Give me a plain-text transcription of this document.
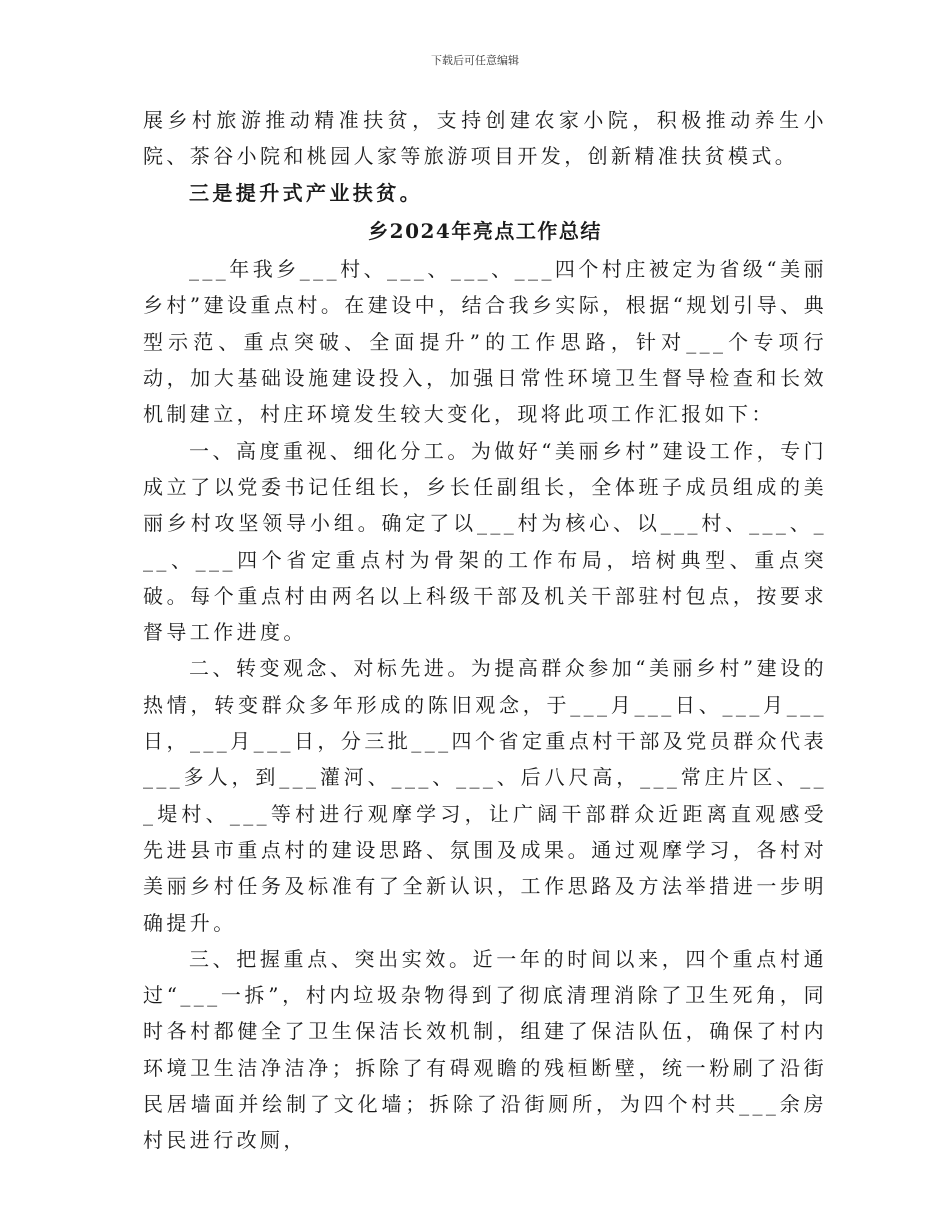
下载后可任意编辑

展乡村旅游推动精准扶贫，支持创建农家小院，积极推动养生小院、茶谷小院和桃园人家等旅游项目开发，创新精准扶贫模式。

三是提升式产业扶贫。

乡2024年亮点工作总结

___年我乡___村、___、___、___四个村庄被定为省级“美丽乡村”建设重点村。在建设中，结合我乡实际，根据“规划引导、典型示范、重点突破、全面提升”的工作思路，针对___个专项行动，加大基础设施建设投入，加强日常性环境卫生督导检查和长效机制建立，村庄环境发生较大变化，现将此项工作汇报如下：

一、高度重视、细化分工。为做好“美丽乡村”建设工作，专门成立了以党委书记任组长，乡长任副组长，全体班子成员组成的美丽乡村攻坚领导小组。确定了以___村为核心、以___村、___、___、___四个省定重点村为骨架的工作布局，培树典型、重点突破。每个重点村由两名以上科级干部及机关干部驻村包点，按要求督导工作进度。

二、转变观念、对标先进。为提高群众参加“美丽乡村”建设的热情，转变群众多年形成的陈旧观念，于___月___日、___月___日，___月___日，分三批___四个省定重点村干部及党员群众代表___多人，到___灌河、___、___、后八尺高，___常庄片区、___堤村、___等村进行观摩学习，让广阔干部群众近距离直观感受先进县市重点村的建设思路、氛围及成果。通过观摩学习，各村对美丽乡村任务及标准有了全新认识，工作思路及方法举措进一步明确提升。

三、把握重点、突出实效。近一年的时间以来，四个重点村通过“___一拆”，村内垃圾杂物得到了彻底清理消除了卫生死角，同时各村都健全了卫生保洁长效机制，组建了保洁队伍，确保了村内环境卫生洁净洁净；拆除了有碍观瞻的残桓断壁，统一粉刷了沿街民居墙面并绘制了文化墙；拆除了沿街厕所，为四个村共___余房村民进行改厕，
